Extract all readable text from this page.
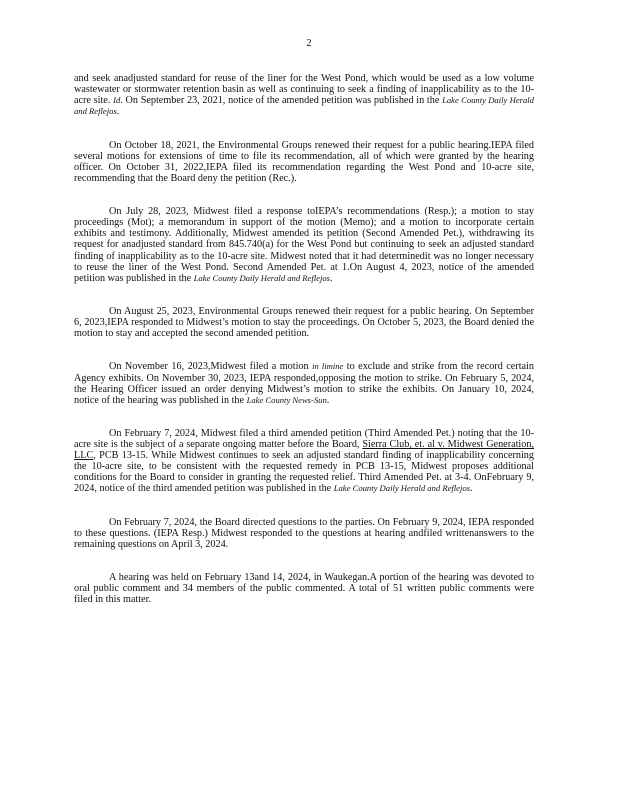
2

and seek anadjusted standard for reuse of the liner for the West Pond, which would be used as a low volume wastewater or stormwater retention basin as well as continuing to seek a finding of inapplicability as to the 10-acre site. Id. On September 23, 2021, notice of the amended petition was published in the Lake County Daily Herald and Reflejos.

On October 18, 2021, the Environmental Groups renewed their request for a public hearing.IEPA filed several motions for extensions of time to file its recommendation, all of which were granted by the hearing officer. On October 31, 2022,IEPA filed its recommendation regarding the West Pond and 10-acre site, recommending that the Board deny the petition (Rec.).

On July 28, 2023, Midwest filed a response toIEPA’s recommendations (Resp.); a motion to stay proceedings (Mot); a memorandum in support of the motion (Memo); and a motion to incorporate certain exhibits and testimony. Additionally, Midwest amended its petition (Second Amended Pet.), withdrawing its request for anadjusted standard from 845.740(a) for the West Pond but continuing to seek an adjusted standard finding of inapplicability as to the 10-acre site. Midwest noted that it had determinedit was no longer necessary to reuse the liner of the West Pond. Second Amended Pet. at 1.On August 4, 2023, notice of the amended petition was published in the Lake County Daily Herald and Reflejos.

On August 25, 2023, Environmental Groups renewed their request for a public hearing. On September 6, 2023,IEPA responded to Midwest’s motion to stay the proceedings. On October 5, 2023, the Board denied the motion to stay and accepted the second amended petition.

On November 16, 2023,Midwest filed a motion in limine to exclude and strike from the record certain Agency exhibits. On November 30, 2023, IEPA responded,opposing the motion to strike. On February 5, 2024, the Hearing Officer issued an order denying Midwest’s motion to strike the exhibits. On January 10, 2024, notice of the hearing was published in the Lake County News-Sun.

On February 7, 2024, Midwest filed a third amended petition (Third Amended Pet.) noting that the 10-acre site is the subject of a separate ongoing matter before the Board, Sierra Club, et. al v. Midwest Generation, LLC, PCB 13-15. While Midwest continues to seek an adjusted standard finding of inapplicability concerning the 10-acre site, to be consistent with the requested remedy in PCB 13-15, Midwest proposes additional conditions for the Board to consider in granting the requested relief. Third Amended Pet. at 3-4. OnFebruary 9, 2024, notice of the third amended petition was published in the Lake County Daily Herald and Reflejos.

On February 7, 2024, the Board directed questions to the parties. On February 9, 2024, IEPA responded to these questions. (IEPA Resp.) Midwest responded to the questions at hearing andfiled writtenanswers to the remaining questions on April 3, 2024.

A hearing was held on February 13and 14, 2024, in Waukegan.A portion of the hearing was devoted to oral public comment and 34 members of the public commented. A total of 51 written public comments were filed in this matter.
